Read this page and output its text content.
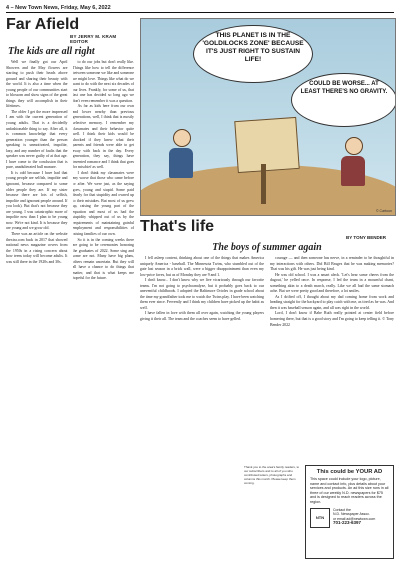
4 – New Town News, Friday, May 6, 2022
Far Afield
BY JERRY M. KRAM EDITOR
The kids are all right

Well we finally got our April Showers and the May flowers are starting to push their heads above ground and sharing their beauty with the world. It is also a time when the young people of our communities start to blossom and show signs of the great things they will accomplish in their lifetimes.

The older I get the more impressed I am with the current generation of young adults. That is a decidedly unfashionable thing to say. After all, it is common knowledge that every generation younger than the person speaking is unmotivated, impolite, lazy, and any number of faults that the speaker was never guilty of at that age. I have come to the conclusion that is pure, unadulterated bull manure.

It is odd because I have had that young people are selfish, impolite and ignorant, because compared to some older people they are. If my sister because there are lots of selfish, impolite and ignorant people around. If you look). But that's not because they are young. I was catastrophic more of impolite now than I plan to be young now. We're not kind. It is because they are young and we grow old.

There was an article on the website thextra.com back in 2017 that showed national news magazine covers from the 1950s in a rising concern about how teens today will become adults. It was still there in the 1920s and 30s.

to do our jobs but don't really like. Things like how to tell the difference between someone we like and someone we might love. Things like what do we want to do with the next six decades of our lives. Frankly, for some of us, that last one has decided so long ago we don't even remember it was a question.

As far as kids here from our own and lower nearby than previous generations, well, I think that is mostly selective memory. I remember my classmates and their behavior quite well. I think their kids would be shocked if they knew what their parents and friends were able to get away with back in the day. Every generation, they say, things have invented romance and I think that goes for mischief as well.

I don't think my classmates were any worse that those who came before or after. We were just, as the saying goes, young and stupid. Some paid dearly for that stupidity and owned up to their mistakes. But most of us grew up, raising the young part of the equation and most of us had the stupidity whipped out of us by the requirements of maintaining gainful employment and responsibilities of raising families of our own.

So it is in the coming weeks there are going to be ceremonies honoring the graduates of 2022. Some sing and some are not. Many have big plans, others remain uncertain. But they will all have a chance to do things that matter, and that is what keeps me hopeful for the future.

THIS PLANET IS IN THE 'GOLDILOCKS ZONE' BECAUSE IT'S JUST RIGHT TO SUSTAIN LIFE!
COULD BE WORSE... AT LEAST THERE'S NO GRAVITY.
© Cartoon
That's life
BY TONY BENDER
The boys of summer again

I fell asleep content, thinking about one of the things that makes America uniquely America - baseball. The Minnesota Twins, who stumbled out of the gate last season in a brick wall, were a bigger disappointment than even my low-price faves, but as of Monday they are 9 and 1.

I don't know... I don't know why we live vicariously through our favorite teams. I'm not going to psychoanalyze, but it probably goes back to our uneventful childhoods. I adopted the Baltimore Orioles in grade school about the time my grandfather took me to watch the Twins play. I have been watching them ever since. Fervently and I think my children have picked up the habit as well.

I have fallen in love with them all over again, watching the young players giving it their all. The team and the coaches seem to have gelled.

courage — and then someone has nerve, in a reminder to be thoughtful in my interactions with others. Did Bill Bruges that he was making memories? That was his gift. He was just being kind.

He was old school. I was a smart aleck. 'Let's hear some cheers from the dugout,' he yelled once. In response, I led the team in a mournful chant, something akin to a death march, really. Like we all had the same stomach ache. But we were pretty good and therefore, a lot smiles.

As I drifted off, I thought about my dad coming home from work and heading straight for the backyard to play catch with me, as tired as he was. And then it was baseball season again, and all was right in the world.

Lord, I don't know if Babe Ruth really pointed at center field before homering there, but that is a good story and I'm going to keep telling it. © Tony Bender 2022

Thank you to the area's family readers, to our subscribers and to all of you who contributed letters, photographs and columns this month. Please keep them coming.
This could be YOUR AD

This space could include your logo, picture, name and contact info, plus details about your services and products. An ad this size runs in all three of our weekly N.D. newspapers for $75 and is designed to reach readers across the region.

NTN
Contact the
N.D. Newspaper Assoc.
or email ad@newtown.com
701-223-6397
